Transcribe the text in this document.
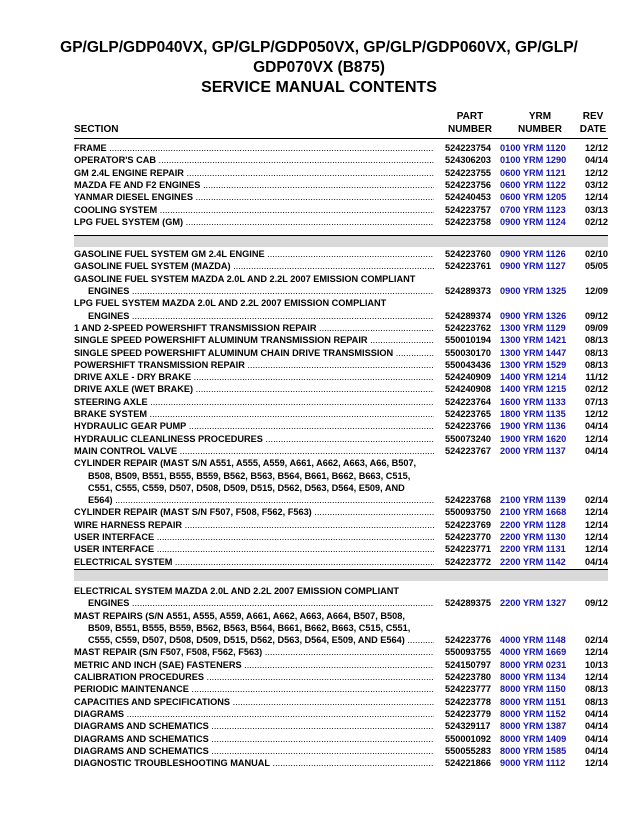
GP/GLP/GDP040VX, GP/GLP/GDP050VX, GP/GLP/GDP060VX, GP/GLP/
GDP070VX (B875)
SERVICE MANUAL CONTENTS
SECTION
PART
NUMBER
YRM
NUMBER
REV
DATE
FRAME .....	524223754 0100 YRM 1120	12/12
OPERATOR'S CAB .....	524306203 0100 YRM 1290	04/14
GM 2.4L ENGINE REPAIR .....	524223755 0600 YRM 1121	12/12
MAZDA FE AND F2 ENGINES .....	524223756 0600 YRM 1122	03/12
YANMAR DIESEL ENGINES .....	524240453 0600 YRM 1205	12/14
COOLING SYSTEM .....	524223757 0700 YRM 1123	03/13
LPG FUEL SYSTEM (GM) .....	524223758 0900 YRM 1124	02/12
GASOLINE FUEL SYSTEM GM 2.4L ENGINE .....	524223760 0900 YRM 1126	02/10
GASOLINE FUEL SYSTEM (MAZDA) .....	524223761 0900 YRM 1127	05/05
GASOLINE FUEL SYSTEM MAZDA 2.0L AND 2.2L 2007 EMISSION COMPLIANT
ENGINES .....	524289373 0900 YRM 1325	12/09
LPG FUEL SYSTEM MAZDA 2.0L AND 2.2L 2007 EMISSION COMPLIANT
ENGINES .....	524289374 0900 YRM 1326	09/12
1 AND 2-SPEED POWERSHIFT TRANSMISSION REPAIR .....	524223762 1300 YRM 1129	09/09
SINGLE SPEED POWERSHIFT ALUMINUM TRANSMISSION REPAIR .....	550010194 1300 YRM 1421	08/13
SINGLE SPEED POWERSHIFT ALUMINUM CHAIN DRIVE TRANSMISSION .....	550030170 1300 YRM 1447	08/13
POWERSHIFT TRANSMISSION REPAIR .....	550043436 1300 YRM 1529	08/13
DRIVE AXLE - DRY BRAKE .....	524240909 1400 YRM 1214	11/12
DRIVE AXLE (WET BRAKE) .....	524240908 1400 YRM 1215	02/12
STEERING AXLE .....	524223764 1600 YRM 1133	07/13
BRAKE SYSTEM .....	524223765 1800 YRM 1135	12/12
HYDRAULIC GEAR PUMP .....	524223766 1900 YRM 1136	04/14
HYDRAULIC CLEANLINESS PROCEDURES .....	550073240 1900 YRM 1620	12/14
MAIN CONTROL VALVE .....	524223767 2000 YRM 1137	04/14
CYLINDER REPAIR (MAST S/N A551, A555, A559, A661, A662, A663, A66, B507,
B508, B509, B551, B555, B559, B562, B563, B564, B661, B662, B663, C515,
C551, C555, C559, D507, D508, D509, D515, D562, D563, D564, E509, AND
E564) .....	524223768 2100 YRM 1139	02/14
CYLINDER REPAIR (MAST S/N F507, F508, F562, F563) .....	550093750 2100 YRM 1668	12/14
WIRE HARNESS REPAIR .....	524223769 2200 YRM 1128	12/14
USER INTERFACE .....	524223770 2200 YRM 1130	12/14
USER INTERFACE .....	524223771 2200 YRM 1131	12/14
ELECTRICAL SYSTEM .....	524223772 2200 YRM 1142	04/14
ELECTRICAL SYSTEM MAZDA 2.0L AND 2.2L 2007 EMISSION COMPLIANT
ENGINES .....	524289375 2200 YRM 1327	09/12
MAST REPAIRS (S/N A551, A555, A559, A661, A662, A663, A664, B507, B508,
B509, B551, B555, B559, B562, B563, B564, B661, B662, B663, C515, C551,
C555, C559, D507, D508, D509, D515, D562, D563, D564, E509, AND E564) .....	524223776 4000 YRM 1148	02/14
MAST REPAIR (S/N F507, F508, F562, F563) .....	550093755 4000 YRM 1669	12/14
METRIC AND INCH (SAE) FASTENERS .....	524150797 8000 YRM 0231	10/13
CALIBRATION PROCEDURES .....	524223780 8000 YRM 1134	12/14
PERIODIC MAINTENANCE .....	524223777 8000 YRM 1150	08/13
CAPACITIES AND SPECIFICATIONS .....	524223778 8000 YRM 1151	08/13
DIAGRAMS .....	524223779 8000 YRM 1152	04/14
DIAGRAMS AND SCHEMATICS .....	524329117 8000 YRM 1387	04/14
DIAGRAMS AND SCHEMATICS .....	550001092 8000 YRM 1409	04/14
DIAGRAMS AND SCHEMATICS .....	550055283 8000 YRM 1585	04/14
DIAGNOSTIC TROUBLESHOOTING MANUAL .....	524221866 9000 YRM 1112	12/14
